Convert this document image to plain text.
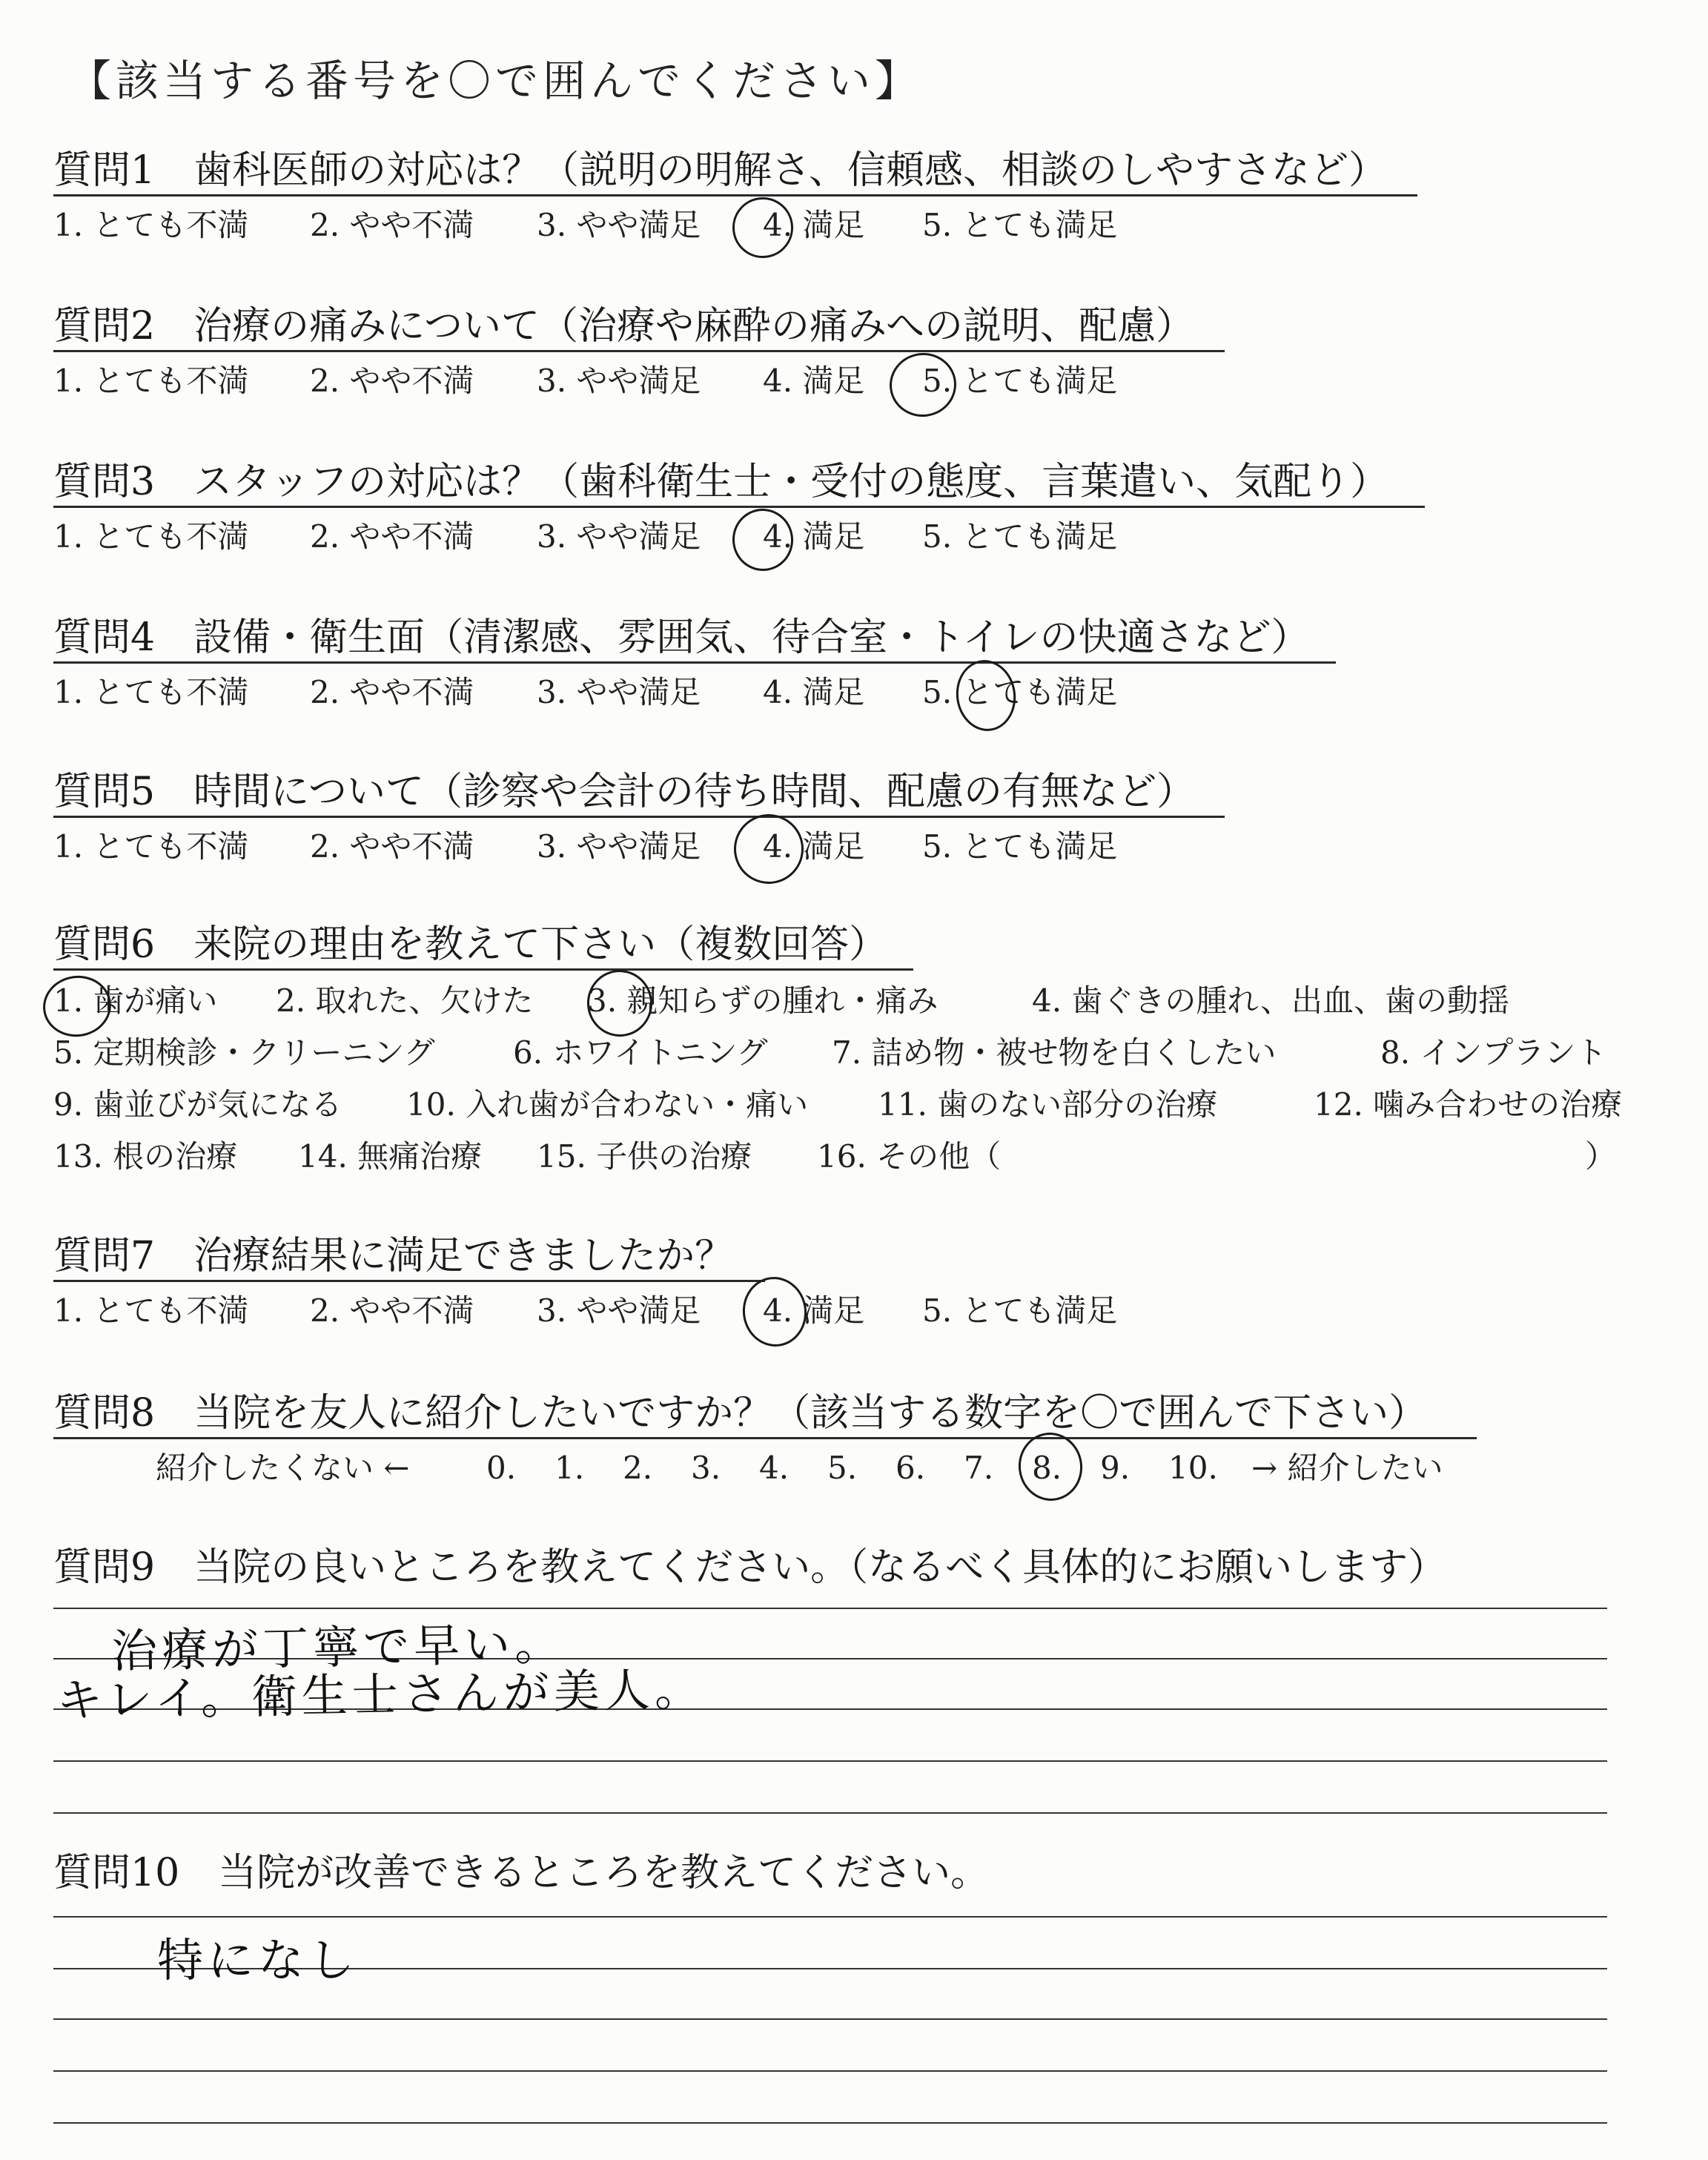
【該当する番号を〇で囲んでください】
質問1　歯科医師の対応は？（説明の明解さ、信頼感、相談のしやすさなど）
1. とても不満 2. やや不満 3. やや満足 4. 満足 5. とても満足
質問2　治療の痛みについて（治療や麻酔の痛みへの説明、配慮）
1. とても不満 2. やや不満 3. やや満足 4. 満足 5. とても満足
質問3　スタッフの対応は？（歯科衛生士・受付の態度、言葉遣い、気配り）
1. とても不満 2. やや不満 3. やや満足 4. 満足 5. とても満足
質問4　設備・衛生面（清潔感、雰囲気、待合室・トイレの快適さなど）
1. とても不満 2. やや不満 3. やや満足 4. 満足 5. とても満足
質問5　時間について（診察や会計の待ち時間、配慮の有無など）
1. とても不満 2. やや不満 3. やや満足 4. 満足 5. とても満足
質問6　来院の理由を教えて下さい（複数回答）
1. 歯が痛い 2. 取れた、欠けた 3. 親知らずの腫れ・痛み	4. 歯ぐきの腫れ、出血、歯の動揺
5. 定期検診・クリーニング	6. ホワイトニング 7. 詰め物・被せ物を白くしたい	8. インプラント
9. 歯並びが気になる 10. 入れ歯が合わない・痛い 11. 歯のない部分の治療	12. 噛み合わせの治療
13. 根の治療 14. 無痛治療 15. 子供の治療 16. その他（	）
質問7　治療結果に満足できましたか？
1. とても不満 2. やや不満 3. やや満足 4. 満足 5. とても満足
質問8　当院を友人に紹介したいですか？（該当する数字を〇で囲んで下さい）
紹介したくない ← 0. 1. 2. 3. 4. 5. 6. 7. 8. 9. 10. → 紹介したい
質問9　当院の良いところを教えてください。（なるべく具体的にお願いします）
治療が丁寧で早い。
キレイ。衛生士さんが美人。
質問10　当院が改善できるところを教えてください。
特になし
